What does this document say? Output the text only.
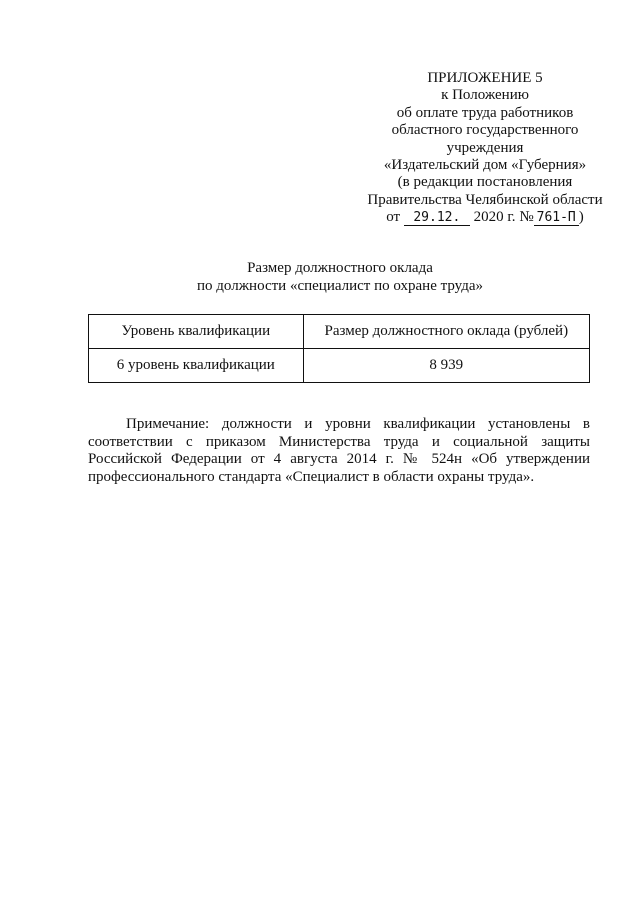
ПРИЛОЖЕНИЕ 5
к Положению
об оплате труда работников
областного государственного
учреждения
«Издательский дом «Губерния»
(в редакции постановления
Правительства Челябинской области
от 29.12. 2020 г. № 761-П )
Размер должностного оклада
по должности «специалист по охране труда»
Уровень квалификации	Размер должностного оклада (рублей)
6 уровень квалификации	8 939

Примечание: должности и уровни квалификации установлены в соответствии с приказом Министерства труда и социальной защиты Российской Федерации от 4 августа 2014 г. № 524н «Об утверждении профессионального стандарта «Специалист в области охраны труда».
